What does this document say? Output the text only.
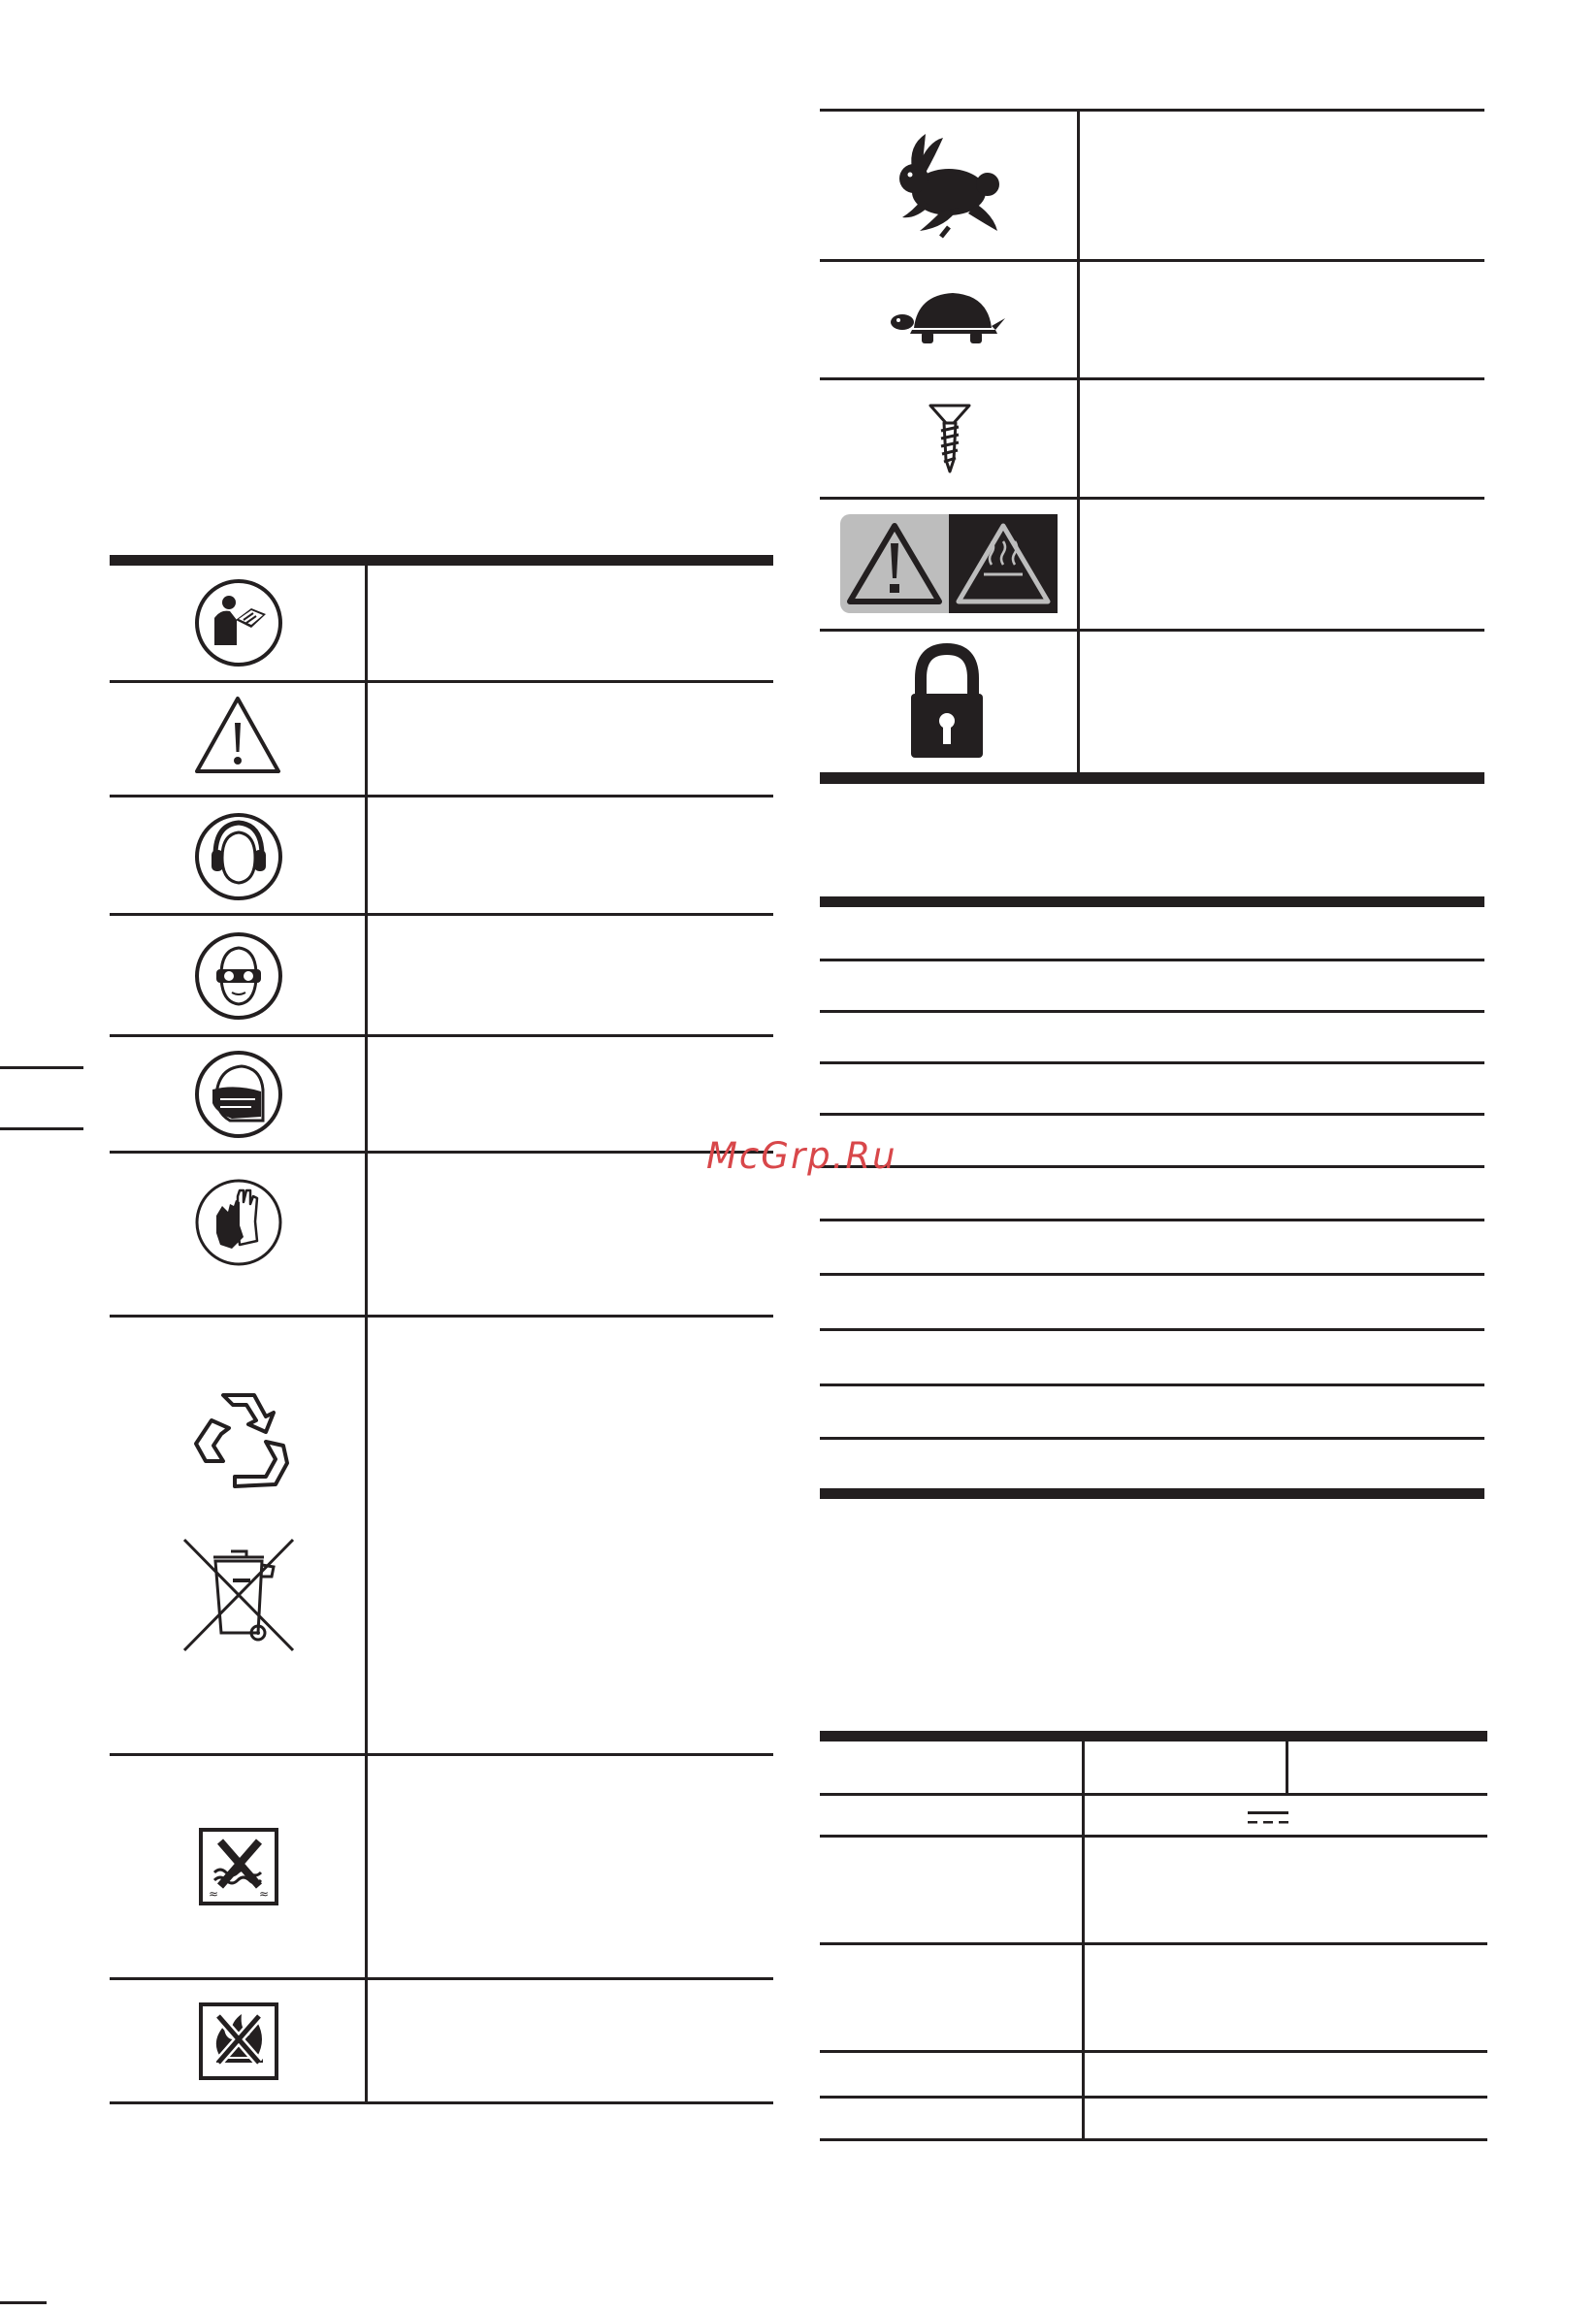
≈	≈
McGrp.Ru
